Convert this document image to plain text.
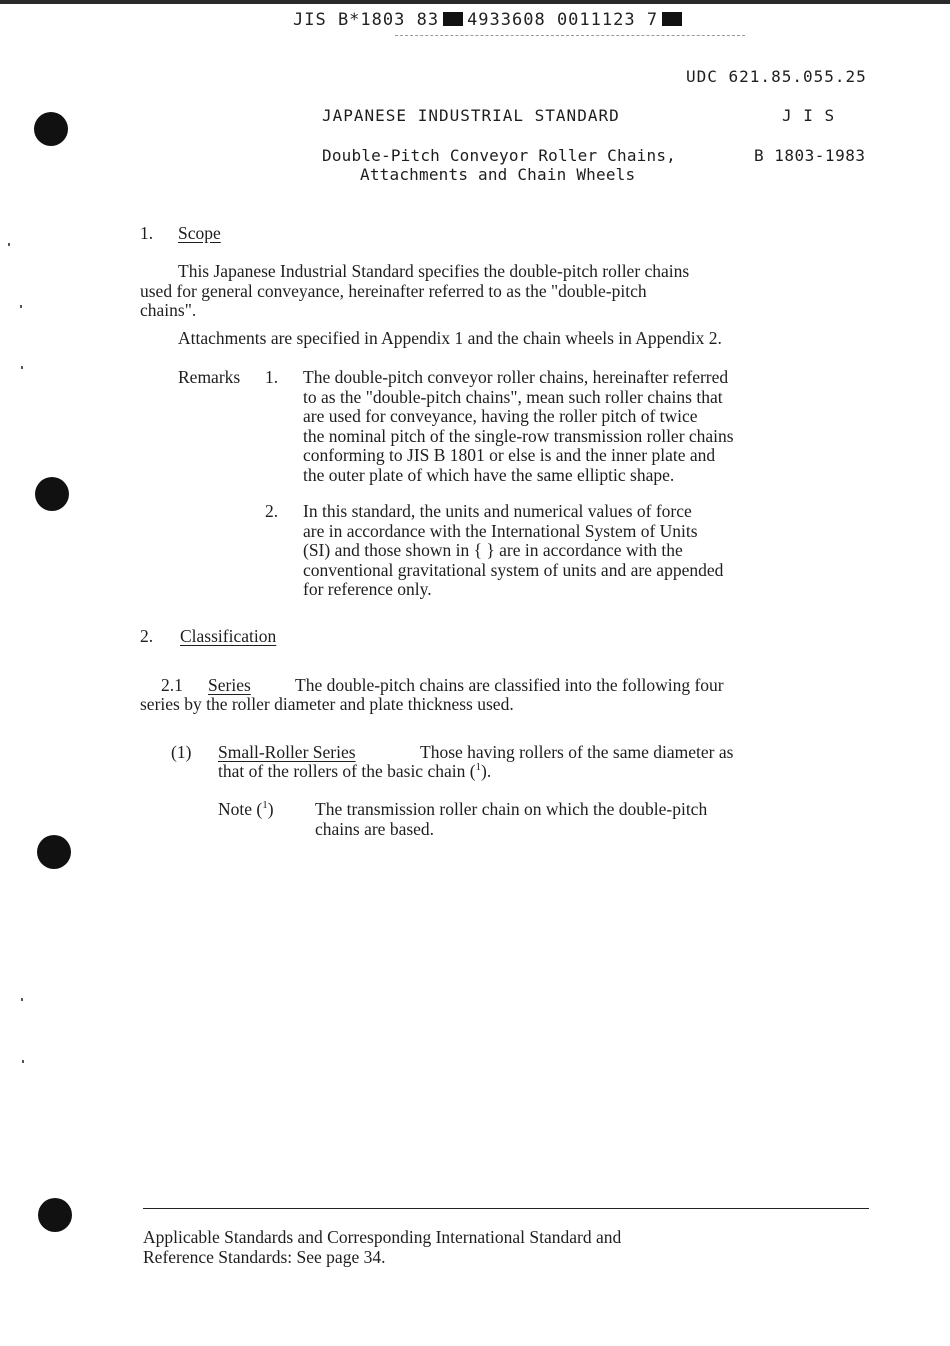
JIS B*1803 83 4933608 0011123 7
UDC 621.85.055.25
JAPANESE INDUSTRIAL STANDARD	J I S
Double-Pitch Conveyor Roller Chains,
Attachments and Chain Wheels
B 1803-1983
1. Scope
This Japanese Industrial Standard specifies the double-pitch roller chains
used for general conveyance, hereinafter referred to as the "double-pitch
chains".
Attachments are specified in Appendix 1 and the chain wheels in Appendix 2.
Remarks 1. The double-pitch conveyor roller chains, hereinafter referred
to as the "double-pitch chains", mean such roller chains that
are used for conveyance, having the roller pitch of twice
the nominal pitch of the single-row transmission roller chains
conforming to JIS B 1801 or else is and the inner plate and
the outer plate of which have the same elliptic shape.
2. In this standard, the units and numerical values of force
are in accordance with the International System of Units
(SI) and those shown in { } are in accordance with the
conventional gravitational system of units and are appended
for reference only.
2. Classification
2.1 Series	The double-pitch chains are classified into the following four
series by the roller diameter and plate thickness used.
(1) Small-Roller Series	Those having rollers of the same diameter as
that of the rollers of the basic chain ($^1$).
Note ($^1$) The transmission roller chain on which the double-pitch
chains are based.
Applicable Standards and Corresponding International Standard and
Reference Standards: See page 34.
